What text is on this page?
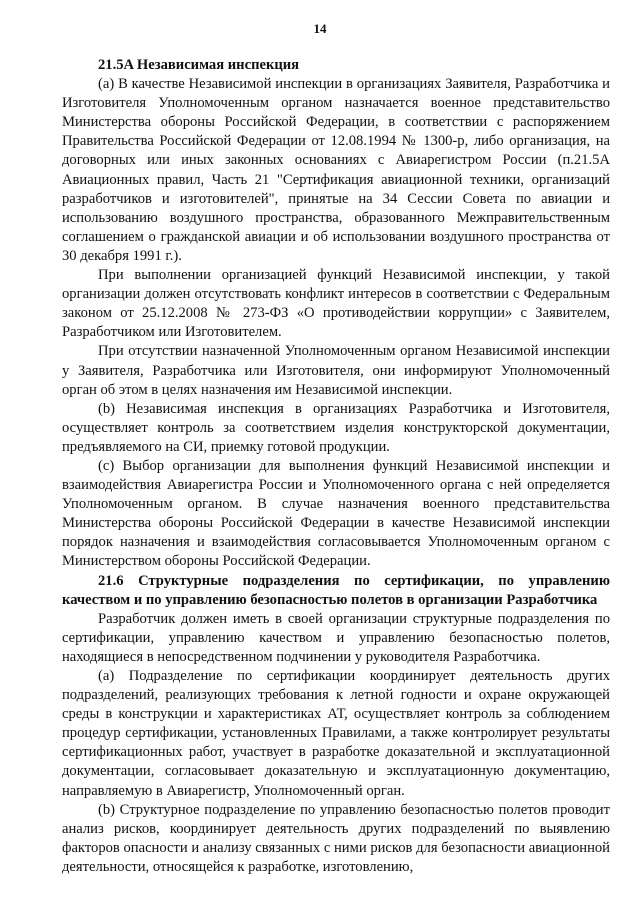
14
21.5A Независимая инспекция

(а) В качестве Независимой инспекции в организациях Заявителя, Разработчика и Изготовителя Уполномоченным органом назначается военное представительство Министерства обороны Российской Федерации, в соответствии с распоряжением Правительства Российской Федерации от 12.08.1994 № 1300-р, либо организация, на договорных или иных законных основаниях с Авиарегистром России (п.21.5А Авиационных правил, Часть 21 "Сертификация авиационной техники, организаций разработчиков и изготовителей", принятые на 34 Сессии Совета по авиации и использованию воздушного пространства, образованного Межправительственным соглашением о гражданской авиации и об использовании воздушного пространства от 30 декабря 1991 г.).

При выполнении организацией функций Независимой инспекции, у такой организации должен отсутствовать конфликт интересов в соответствии с Федеральным законом от 25.12.2008 № 273-ФЗ «О противодействии коррупции» с Заявителем, Разработчиком или Изготовителем.

При отсутствии назначенной Уполномоченным органом Независимой инспекции у Заявителя, Разработчика или Изготовителя, они информируют Уполномоченный орган об этом в целях назначения им Независимой инспекции.

(b) Независимая инспекция в организациях Разработчика и Изготовителя, осуществляет контроль за соответствием изделия конструкторской документации, предъявляемого на СИ, приемку готовой продукции.

(c) Выбор организации для выполнения функций Независимой инспекции и взаимодействия Авиарегистра России и Уполномоченного органа с ней определяется Уполномоченным органом. В случае назначения военного представительства Министерства обороны Российской Федерации в качестве Независимой инспекции порядок назначения и взаимодействия согласовывается Уполномоченным органом с Министерством обороны Российской Федерации.

21.6 Структурные подразделения по сертификации, по управлению качеством и по управлению безопасностью полетов в организации Разработчика

Разработчик должен иметь в своей организации структурные подразделения по сертификации, управлению качеством и управлению безопасностью полетов, находящиеся в непосредственном подчинении у руководителя Разработчика.

(а) Подразделение по сертификации координирует деятельность других подразделений, реализующих требования к летной годности и охране окружающей среды в конструкции и характеристиках АТ, осуществляет контроль за соблюдением процедур сертификации, установленных Правилами, а также контролирует результаты сертификационных работ, участвует в разработке доказательной и эксплуатационной документации, согласовывает доказательную и эксплуатационную документацию, направляемую в Авиарегистр, Уполномоченный орган.

(b) Структурное подразделение по управлению безопасностью полетов проводит анализ рисков, координирует деятельность других подразделений по выявлению факторов опасности и анализу связанных с ними рисков для безопасности авиационной деятельности, относящейся к разработке, изготовлению,
